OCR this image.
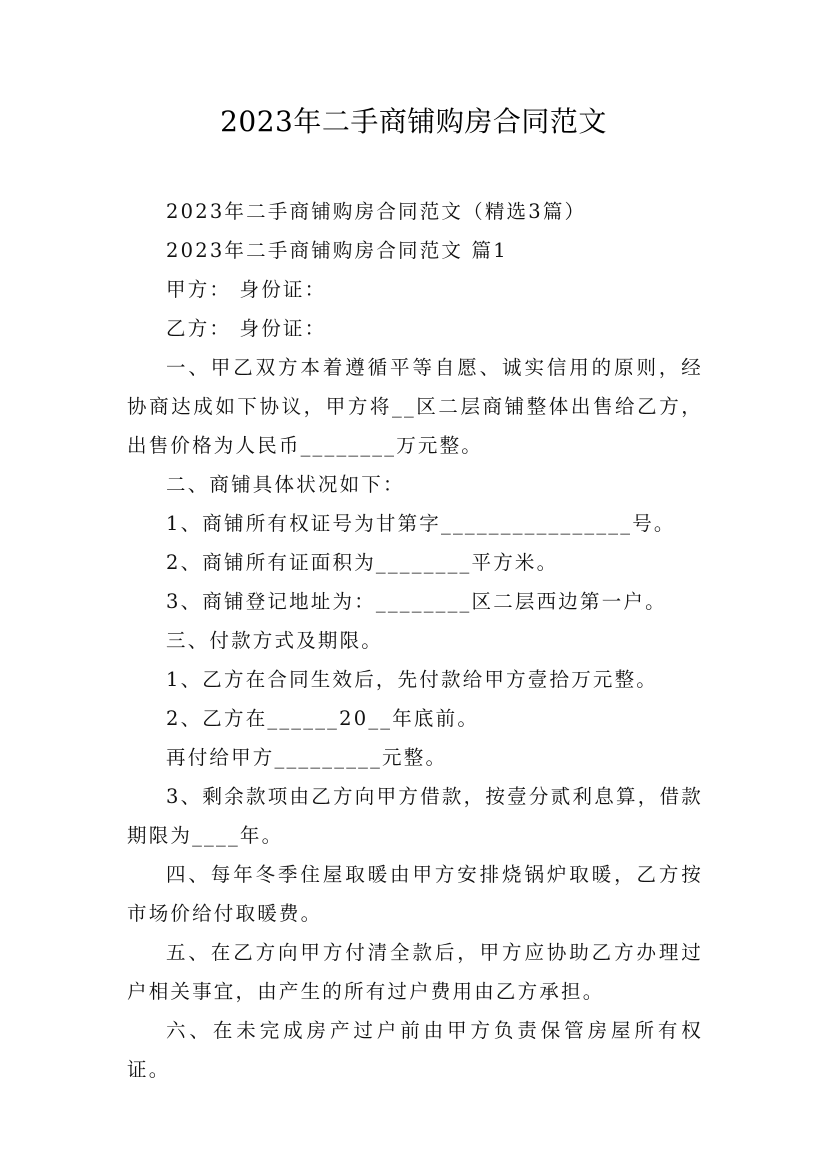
2023年二手商铺购房合同范文

2023年二手商铺购房合同范文（精选3篇）

2023年二手商铺购房合同范文 篇1

甲方： 身份证：

乙方： 身份证：

一、甲乙双方本着遵循平等自愿、诚实信用的原则，经协商达成如下协议，甲方将__区二层商铺整体出售给乙方，出售价格为人民币________万元整。

二、商铺具体状况如下：

1、商铺所有权证号为甘第字________________号。

2、商铺所有证面积为________平方米。

3、商铺登记地址为：________区二层西边第一户。

三、付款方式及期限。

1、乙方在合同生效后，先付款给甲方壹拾万元整。

2、乙方在______20__年底前。

再付给甲方_________元整。

3、剩余款项由乙方向甲方借款，按壹分贰利息算，借款期限为____年。

四、每年冬季住屋取暖由甲方安排烧锅炉取暖，乙方按市场价给付取暖费。

五、在乙方向甲方付清全款后，甲方应协助乙方办理过户相关事宜，由产生的所有过户费用由乙方承担。

六、在未完成房产过户前由甲方负责保管房屋所有权证。
